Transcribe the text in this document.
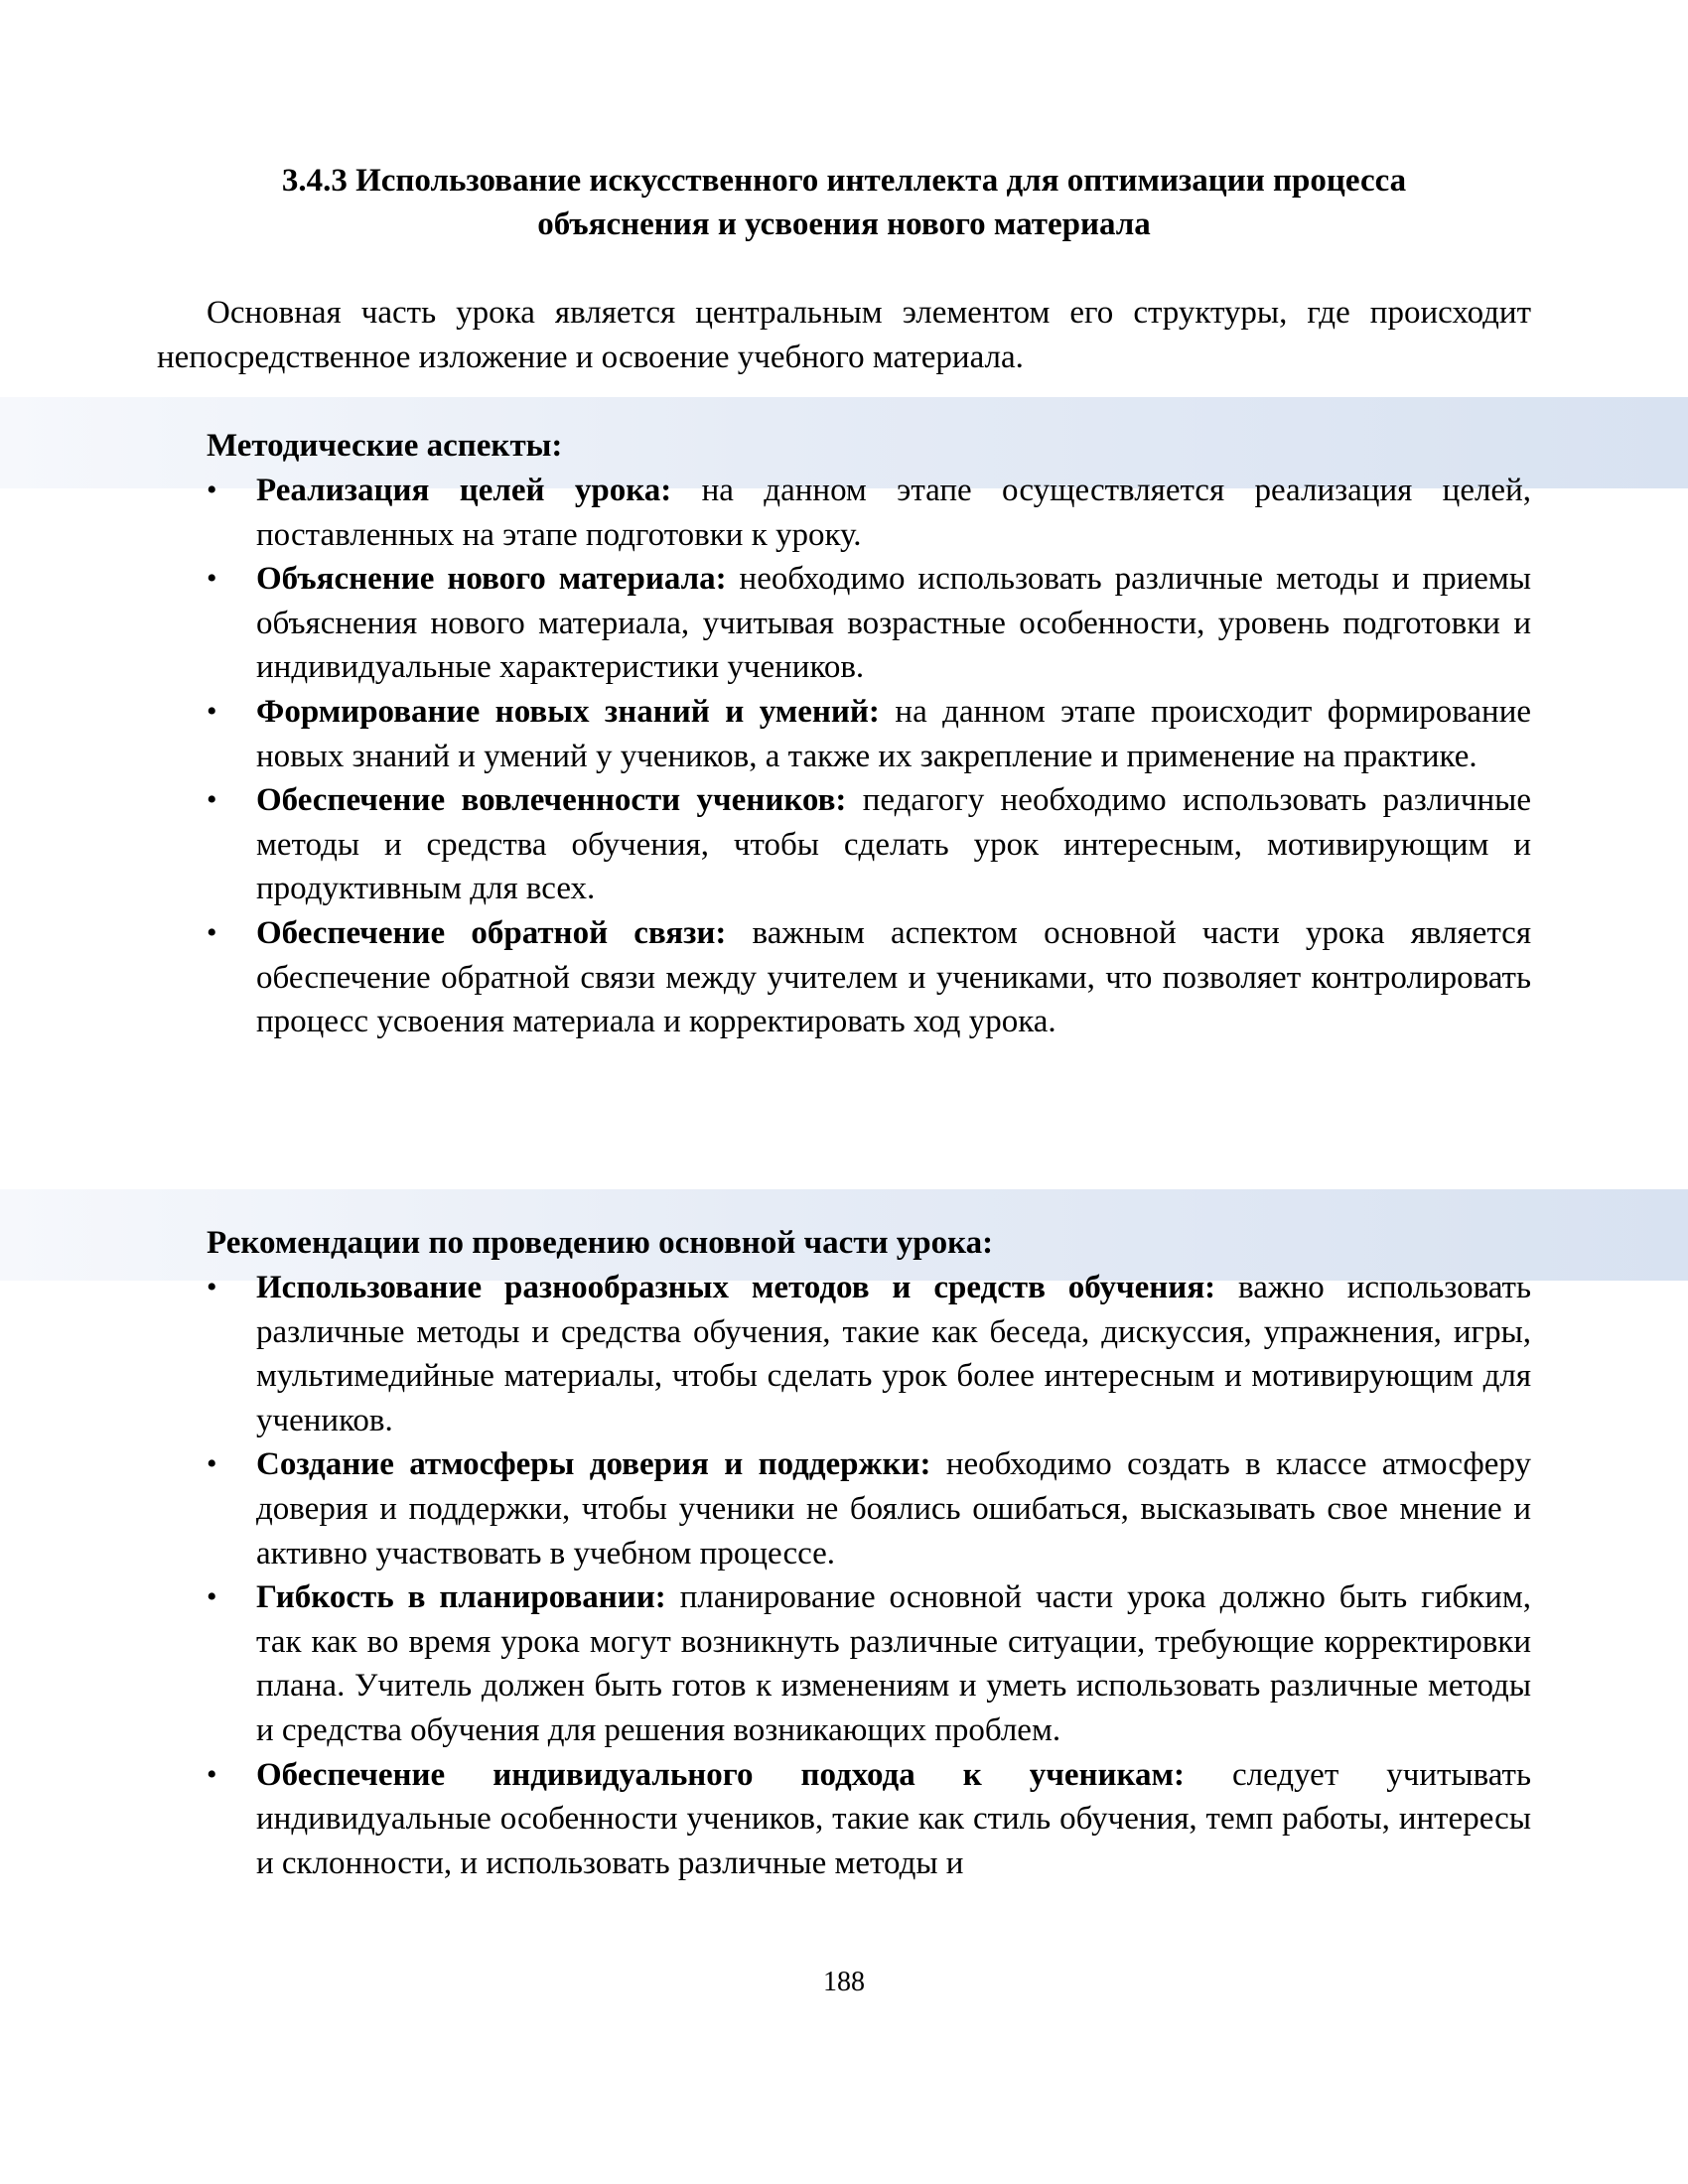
3.4.3 Использование искусственного интеллекта для оптимизации процесса
объяснения и усвоения нового материала
Основная часть урока является центральным элементом его структуры, где происходит непосредственное изложение и освоение учебного материала.
Методические аспекты:
• Реализация целей урока: на данном этапе осуществляется реализация целей, поставленных на этапе подготовки к уроку.
• Объяснение нового материала: необходимо использовать различные методы и приемы объяснения нового материала, учитывая возрастные особенности, уровень подготовки и индивидуальные характеристики учеников.
• Формирование новых знаний и умений: на данном этапе происходит формирование новых знаний и умений у учеников, а также их закрепление и применение на практике.
• Обеспечение вовлеченности учеников: педагогу необходимо использовать различные методы и средства обучения, чтобы сделать урок интересным, мотивирующим и продуктивным для всех.
• Обеспечение обратной связи: важным аспектом основной части урока является обеспечение обратной связи между учителем и учениками, что позволяет контролировать процесс усвоения материала и корректировать ход урока.
Рекомендации по проведению основной части урока:
• Использование разнообразных методов и средств обучения: важно использовать различные методы и средства обучения, такие как беседа, дискуссия, упражнения, игры, мультимедийные материалы, чтобы сделать урок более интересным и мотивирующим для учеников.
• Создание атмосферы доверия и поддержки: необходимо создать в классе атмосферу доверия и поддержки, чтобы ученики не боялись ошибаться, высказывать свое мнение и активно участвовать в учебном процессе.
• Гибкость в планировании: планирование основной части урока должно быть гибким, так как во время урока могут возникнуть различные ситуации, требующие корректировки плана. Учитель должен быть готов к изменениям и уметь использовать различные методы и средства обучения для решения возникающих проблем.
• Обеспечение индивидуального подхода к ученикам: следует учитывать индивидуальные особенности учеников, такие как стиль обучения, темп работы, интересы и склонности, и использовать различные методы и
188
